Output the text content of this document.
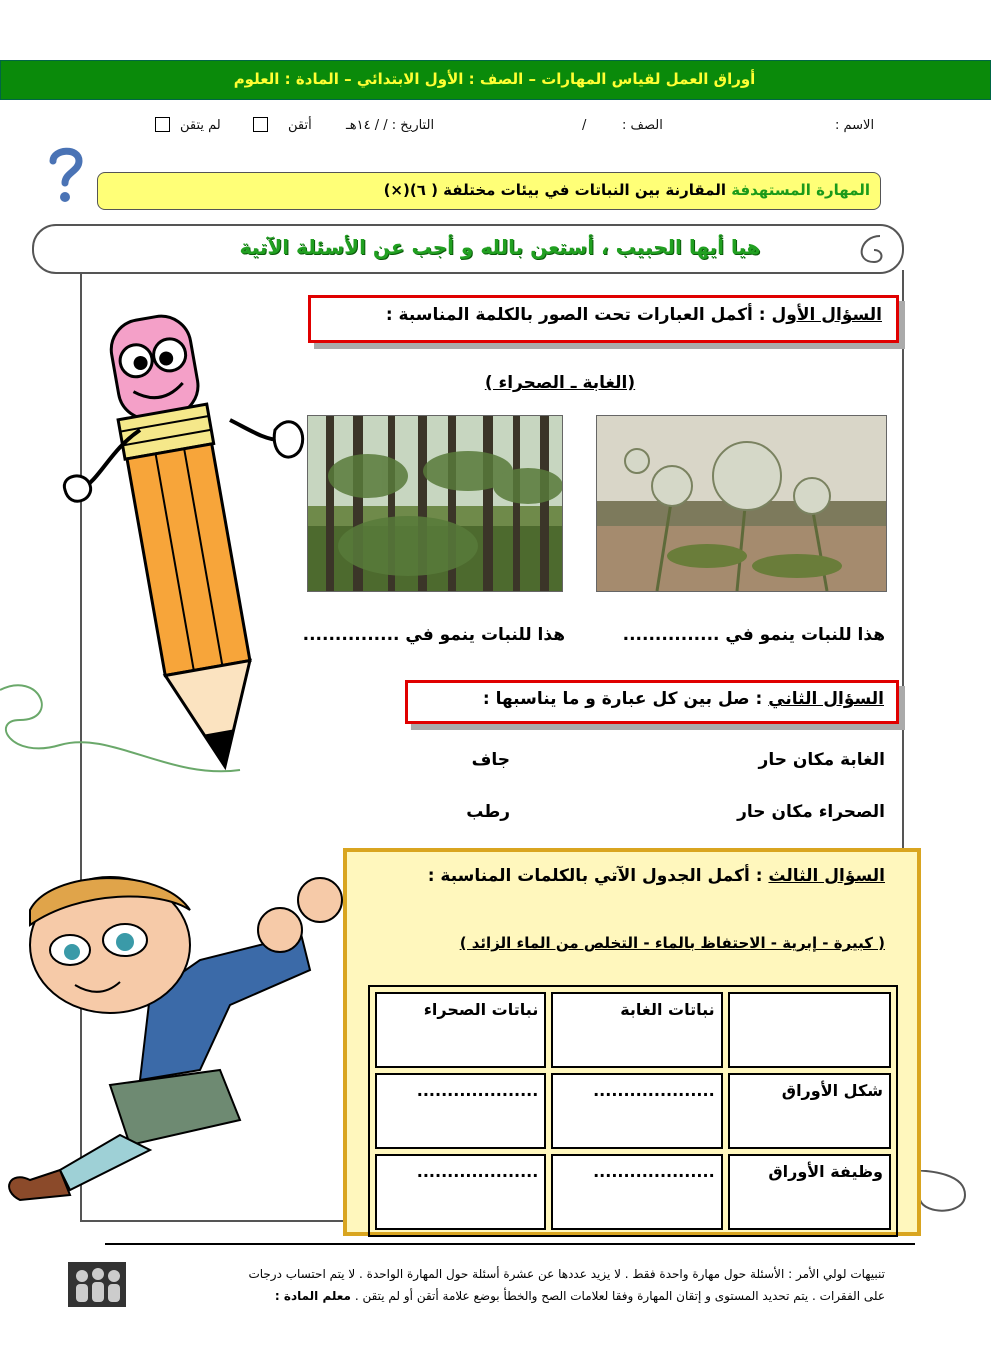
أوراق العمل لقياس المهارات – الصف : الأول الابتدائي – المادة : العلوم
الاسم :
الصف :
/
التاريخ : / / ١٤هـ
أتقن
لم يتقن
المهارة المستهدفة المقارنة بين النباتات في بيئات مختلفة ( ٦)(×)
هيا أيها الحبيب ، أستعن بالله و أجب عن الأسئلة الآتية
السؤال الأول : أكمل العبارات تحت الصور بالكلمة المناسبة :
(الغابة ـ الصحراء )
هذا للنبات ينمو في ...............
هذا للنبات ينمو في ...............
السؤال الثاني : صل بين كل عبارة و ما يناسبها :
الغابة مكان حار
جاف
الصحراء مكان حار
رطب
السؤال الثالث : أكمل الجدول الآتي بالكلمات المناسبة :
( كبيرة - إبرية - الاحتفاظ بالماء - التخلص من الماء الزائد )
	نباتات الغابة	نباتات الصحراء
شكل الأوراق	....................	....................
وظيفة الأوراق	....................	....................
تنبيهات لولي الأمر : الأسئلة حول مهارة واحدة فقط . لا يزيد عددها عن عشرة أسئلة حول المهارة الواحدة . لا يتم احتساب درجات
على الفقرات . يتم تحديد المستوى و إتقان المهارة وفقا لعلامات الصح والخطأ بوضع علامة أتقن أو لم يتقن . معلم المادة :
